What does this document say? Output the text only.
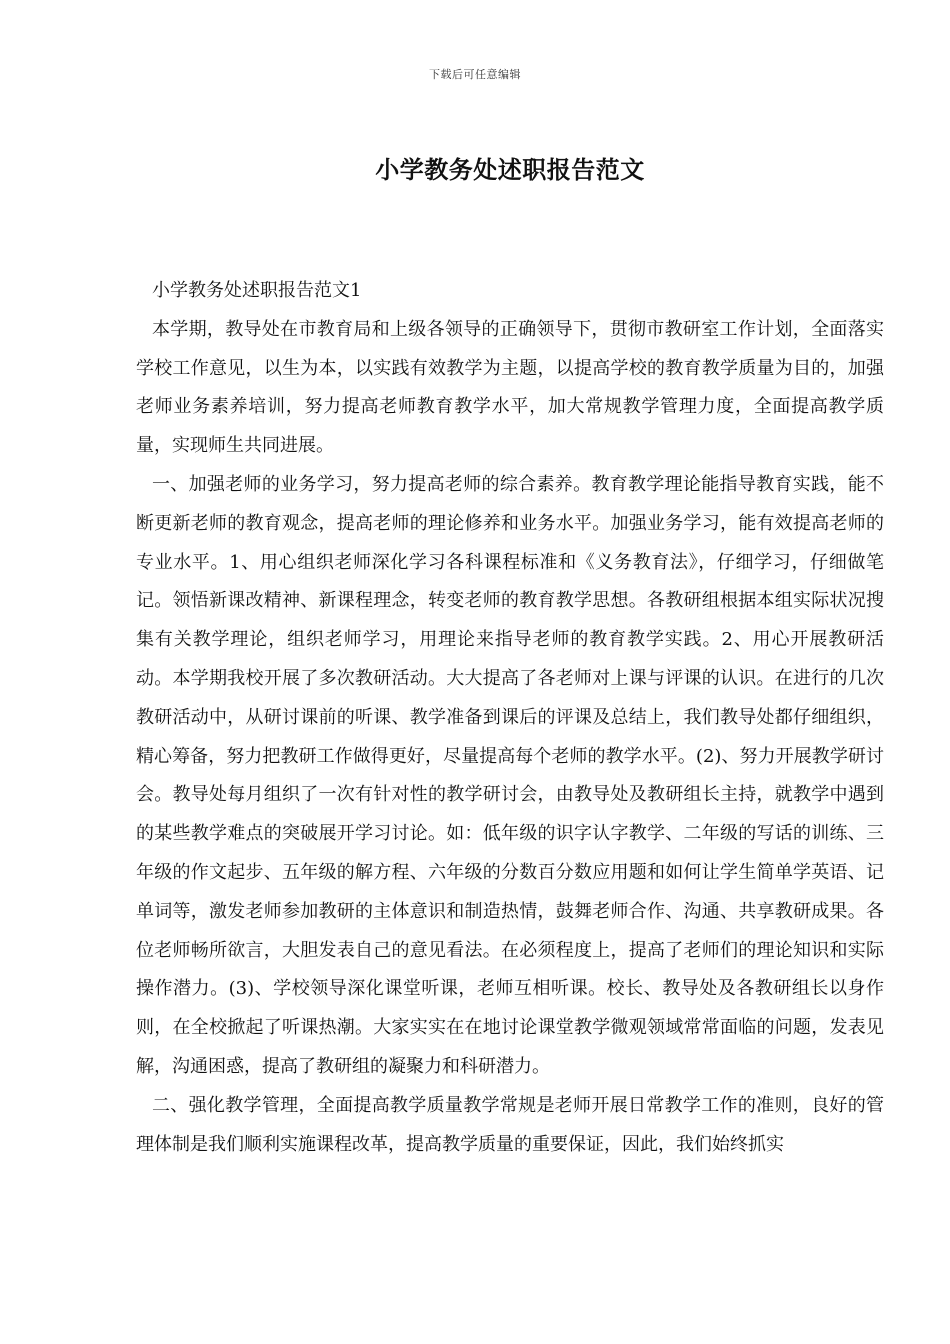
下载后可任意编辑
小学教务处述职报告范文

小学教务处述职报告范文1

本学期，教导处在市教育局和上级各领导的正确领导下，贯彻市教研室工作计划，全面落实学校工作意见，以生为本，以实践有效教学为主题，以提高学校的教育教学质量为目的，加强老师业务素养培训，努力提高老师教育教学水平，加大常规教学管理力度，全面提高教学质量，实现师生共同进展。

一、加强老师的业务学习，努力提高老师的综合素养。教育教学理论能指导教育实践，能不断更新老师的教育观念，提高老师的理论修养和业务水平。加强业务学习，能有效提高老师的专业水平。1、用心组织老师深化学习各科课程标准和《义务教育法》，仔细学习，仔细做笔记。领悟新课改精神、新课程理念，转变老师的教育教学思想。各教研组根据本组实际状况搜集有关教学理论，组织老师学习，用理论来指导老师的教育教学实践。2、用心开展教研活动。本学期我校开展了多次教研活动。大大提高了各老师对上课与评课的认识。在进行的几次教研活动中，从研讨课前的听课、教学准备到课后的评课及总结上，我们教导处都仔细组织，精心筹备，努力把教研工作做得更好，尽量提高每个老师的教学水平。(2)、努力开展教学研讨会。教导处每月组织了一次有针对性的教学研讨会，由教导处及教研组长主持，就教学中遇到的某些教学难点的突破展开学习讨论。如：低年级的识字认字教学、二年级的写话的训练、三年级的作文起步、五年级的解方程、六年级的分数百分数应用题和如何让学生简单学英语、记单词等，激发老师参加教研的主体意识和制造热情，鼓舞老师合作、沟通、共享教研成果。各位老师畅所欲言，大胆发表自己的意见看法。在必须程度上，提高了老师们的理论知识和实际操作潜力。(3)、学校领导深化课堂听课，老师互相听课。校长、教导处及各教研组长以身作则，在全校掀起了听课热潮。大家实实在在地讨论课堂教学微观领域常常面临的问题，发表见解，沟通困惑，提高了教研组的凝聚力和科研潜力。

二、强化教学管理，全面提高教学质量教学常规是老师开展日常教学工作的准则，良好的管理体制是我们顺利实施课程改革，提高教学质量的重要保证，因此，我们始终抓实
